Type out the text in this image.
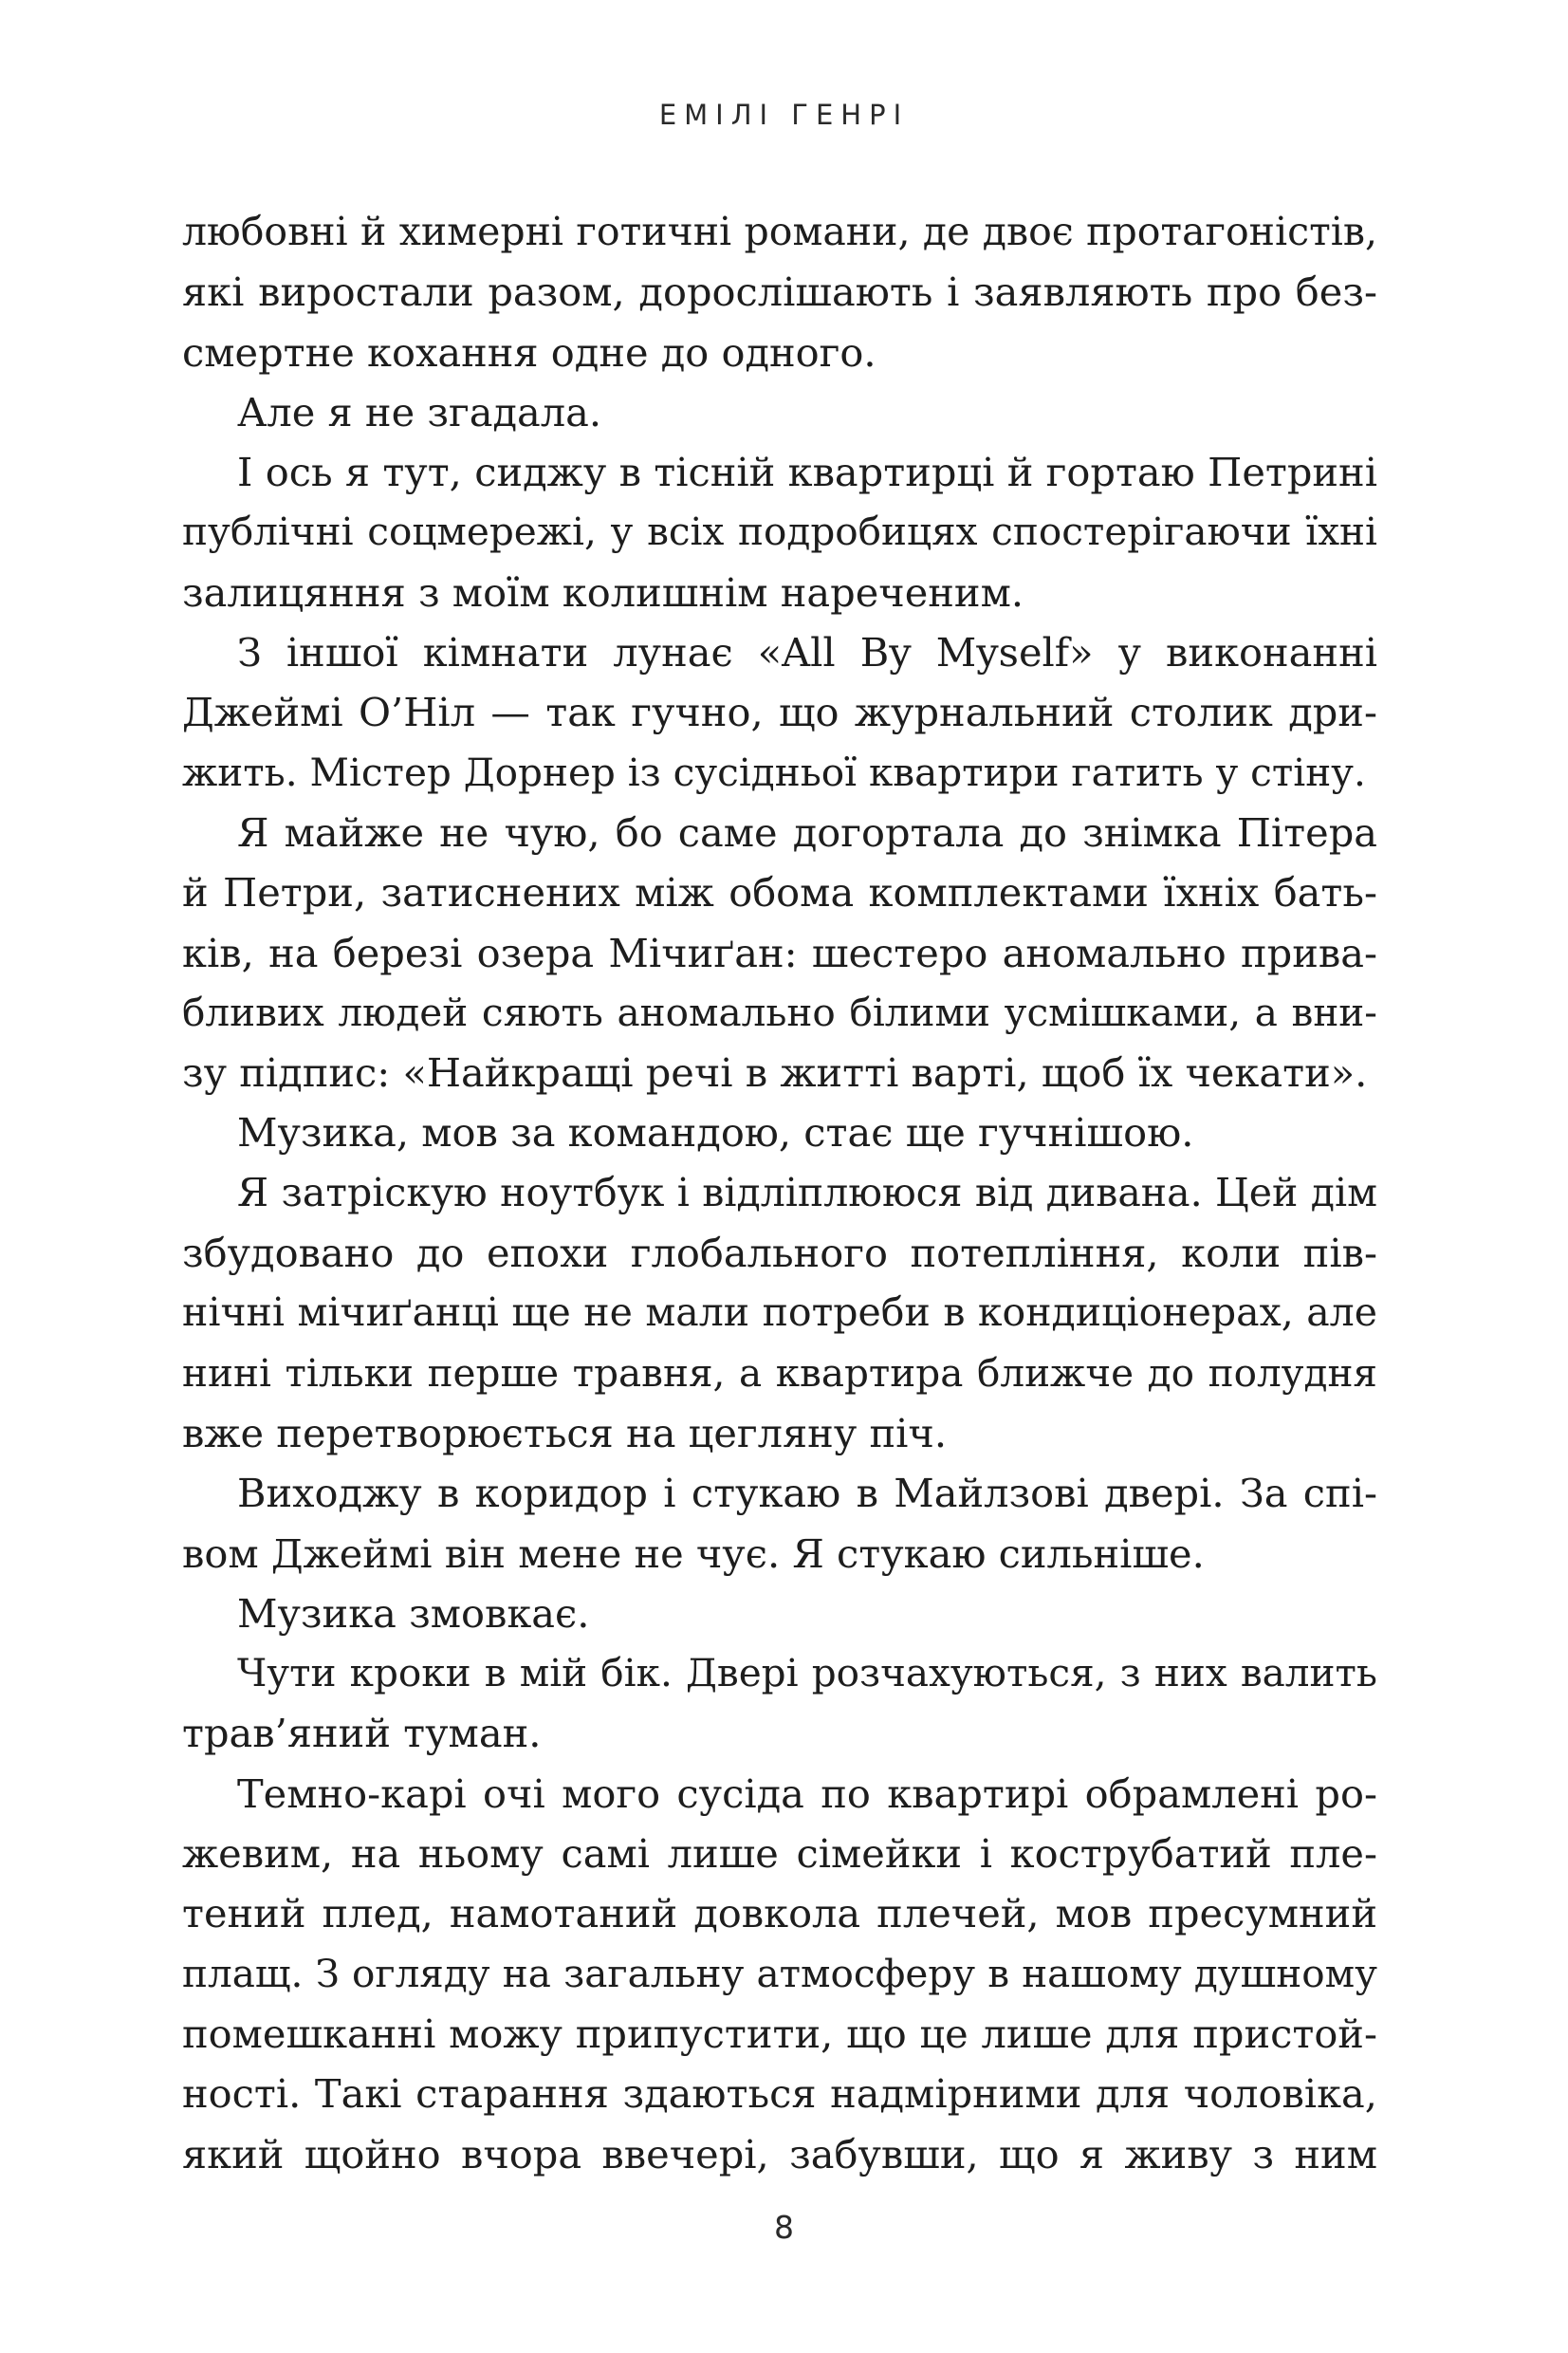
ЕМІЛІ ГЕНРІ
любовні й химерні готичні романи, де двоє протагоністів,
які виростали разом, дорослішають і заявляють про без-
смертне кохання одне до одного.
Але я не згадала.
І ось я тут, сиджу в тісній квартирці й гортаю Петрині
публічні соцмережі, у всіх подробицях спостерігаючи їхні
залицяння з моїм колишнім нареченим.
З іншої кімнати лунає «All By Myself» у виконанні
Джеймі О’Ніл — так гучно, що журнальний столик дри-
жить. Містер Дорнер із сусідньої квартири гатить у стіну.
Я майже не чую, бо саме догортала до знімка Пітера
й Петри, затиснених між обома комплектами їхніх бать-
ків, на березі озера Мічиґан: шестеро аномально прива-
бливих людей сяють аномально білими усмішками, а вни-
зу підпис: «Найкращі речі в житті варті, щоб їх чекати».
Музика, мов за командою, стає ще гучнішою.
Я затріскую ноутбук і відліплююся від дивана. Цей дім
збудовано до епохи глобального потепління, коли пів-
нічні мічиґанці ще не мали потреби в кондиціонерах, але
нині тільки перше травня, а квартира ближче до полудня
вже перетворюється на цегляну піч.
Виходжу в коридор і стукаю в Майлзові двері. За спі-
вом Джеймі він мене не чує. Я стукаю сильніше.
Музика змовкає.
Чути кроки в мій бік. Двері розчахуються, з них валить
трав’яний туман.
Темно-карі очі мого сусіда по квартирі обрамлені ро-
жевим, на ньому самі лише сімейки і кострубатий пле-
тений плед, намотаний довкола плечей, мов пресумний
плащ. З огляду на загальну атмосферу в нашому душному
помешканні можу припустити, що це лише для пристой-
ності. Такі старання здаються надмірними для чоловіка,
який щойно вчора ввечері, забувши, що я живу з ним
8
